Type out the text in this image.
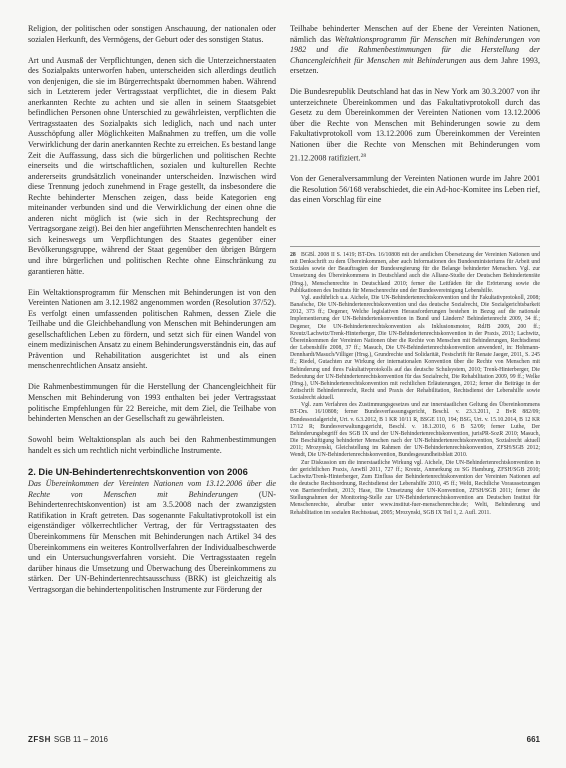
Religion, der politischen oder sonstigen Anschauung, der nationalen oder sozialen Herkunft, des Vermögens, der Geburt oder des sonstigen Status.

Art und Ausmaß der Verpflichtungen, denen sich die Unterzeichnerstaaten des Sozialpakts unterworfen haben, unterscheiden sich allerdings deutlich von denjenigen, die sie im Bürgerrechtspakt übernommen haben. Während sich in Letzterem jeder Vertragsstaat verpflichtet, die in diesem Pakt anerkannten Rechte zu achten und sie allen in seinem Staatsgebiet befindlichen Personen ohne Unterschied zu gewährleisten, verpflichten die Vertragsstaaten des Sozialpakts sich lediglich, nach und nach unter Ausschöpfung aller Möglichkeiten Maßnahmen zu treffen, um die volle Verwirklichung der darin anerkannten Rechte zu erreichen. Es bestand lange Zeit die Auffassung, dass sich die bürgerlichen und politischen Rechte einerseits und die wirtschaftlichen, sozialen und kulturellen Rechte andererseits grundsätzlich voneinander unterscheiden. Inzwischen wird diese Trennung jedoch zunehmend in Frage gestellt, da insbesondere die Rechte behinderter Menschen zeigen, dass beide Kategorien eng miteinander verbunden sind und die Verwirklichung der einen ohne die anderen nicht möglich ist (wie sich in der Rechtsprechung der Vertragsorgane zeigt). Bei den hier angeführten Menschenrechten handelt es sich keineswegs um Verpflichtungen des Staates gegenüber einer Bevölkerungsgruppe, während der Staat gegenüber den übrigen Bürgern und ihre bürgerlichen und politischen Rechte ohne Einschränkung zu garantieren hätte.

Ein Weltaktionsprogramm für Menschen mit Behinderungen ist von den Vereinten Nationen am 3.12.1982 angenommen worden (Resolution 37/52). Es verfolgt einen umfassenden politischen Rahmen, dessen Ziele die Teilhabe und die Gleichbehandlung von Menschen mit Behinderungen am gesellschaftlichen Leben zu fördern, und setzt sich für einen Wandel von einem medizinischen Ansatz zu einem Behinderungsverständnis ein, das auf Prävention und Rehabilitation ausgerichtet ist und als einen menschenrechtlichen Ansatz ansieht.

Die Rahmenbestimmungen für die Herstellung der Chancengleichheit für Menschen mit Behinderung von 1993 enthalten bei jeder Vertragsstaat politische Empfehlungen für 22 Bereiche, mit dem Ziel, die Teilhabe von behinderten Menschen an der Gesellschaft zu gewährleisten.

Sowohl beim Weltaktionsplan als auch bei den Rahmenbestimmungen handelt es sich um rechtlich nicht verbindliche Instrumente.

2. Die UN-Behindertenrechtskonvention von 2006

Das Übereinkommen der Vereinten Nationen vom 13.12.2006 über die Rechte von Menschen mit Behinderungen (UN-Behindertenrechtskonvention) ist am 3.5.2008 nach der zwanzigsten Ratifikation in Kraft getreten. Das sogenannte Fakultativprotokoll ist ein eigenständiger völkerrechtlicher Vertrag, der für Vertragsstaaten des Übereinkommens für Menschen mit Behinderungen nach Artikel 34 des Übereinkommens ein weiteres Kontrollverfahren der Individualbeschwerde und ein Untersuchungsverfahren vorsieht. Die Vertragsstaaten regeln darüber hinaus die Umsetzung und Überwachung des Übereinkommens zu stärken. Der UN-Behindertenrechtsausschuss (BRK) ist gleichzeitig als Vertragsorgan die behindertenpolitischen Instrumente zur Förderung der

Teilhabe behinderter Menschen auf der Ebene der Vereinten Nationen, nämlich das Weltaktionsprogramm für Menschen mit Behinderungen von 1982 und die Rahmenbestimmungen für die Herstellung der Chancengleichheit für Menschen mit Behinderungen aus dem Jahre 1993, ersetzen.

Die Bundesrepublik Deutschland hat das in New York am 30.3.2007 von ihr unterzeichnete Übereinkommen und das Fakultativprotokoll durch das Gesetz zu dem Übereinkommen der Vereinten Nationen vom 13.12.2006 über die Rechte von Menschen mit Behinderungen sowie zu dem Fakultativprotokoll vom 13.12.2006 zum Übereinkommen der Vereinten Nationen über die Rechte von Menschen mit Behinderungen vom 21.12.2008 ratifiziert.$^{28}$

Von der Generalversammlung der Vereinten Nationen wurde im Jahre 2001 die Resolution 56/168 verabschiedet, die ein Ad-hoc-Komitee ins Leben rief, das einen Vorschlag für eine

28 BGBl. 2008 II S. 1419; BT-Drs. 16/10808 mit der amtlichen Übersetzung der Vereinten Nationen und mit Denkschrift zu dem Übereinkommen, aber auch Informationen des Bundesministeriums für Arbeit und Soziales sowie der Beauftragten der Bundesregierung für die Belange behinderter Menschen. Vgl. zur Umsetzung des Übereinkommens in Deutschland auch die Allianz-Studie der Deutschen Behindertenräte (Hrsg.), Menschenrechte in Deutschland 2010; ferner die Leitfäden für die Erörterung sowie die Publikationen des Instituts für Menschenrechte und der Bundesvereinigung Lebenshilfe.

Vgl. ausführlich u.a. Aichele, Die UN-Behindertenrechtskonvention und ihr Fakultativprotokoll, 2008; Banafsche, Die UN-Behindertenrechtskonvention und das deutsche Sozialrecht, Die Sozialgerichtsbarkeit 2012, 373 ff.; Degener, Welche legislativen Herausforderungen bestehen in Bezug auf die nationale Implementierung der UN-Behindertenkonvention in Bund und Ländern? Behindertenrecht 2009, 34 ff.; Degener, Die UN-Behindertenrechtskonvention als Inklusionsmotor, RdJB 2009, 200 ff.; Kreutz/Lachwitz/Trenk-Hinterberger, Die UN-Behindertenrechtskonvention in der Praxis, 2013; Lachwitz, Übereinkommen der Vereinten Nationen über die Rechte von Menschen mit Behinderungen, Rechtsdienst der Lebenshilfe 2008, 37 ff.; Masuch, Die UN-Behindertenrechtskonvention anwenden!, in: Hohmann-Dennhardt/Masuch/Villiger (Hrsg.), Grundrechte und Solidarität, Festschrift für Renate Jaeger, 2011, S. 245 ff.; Riedel, Gutachten zur Wirkung der internationalen Konvention über die Rechte von Menschen mit Behinderung und ihres Fakultativprotokolls auf das deutsche Schulsystem, 2010; Trenk-Hinterberger, Die Bedeutung der UN-Behindertenrechtskonvention für das Sozialrecht, Die Rehabilitation 2009, 99 ff.; Welke (Hrsg.), UN-Behindertenrechtskonvention mit rechtlichen Erläuterungen, 2012; ferner die Beiträge in der Zeitschrift Behindertenrecht, Recht und Praxis der Rehabilitation, Rechtsdienst der Lebenshilfe sowie Sozialrecht aktuell.

Vgl. zum Verfahren des Zustimmungsgesetzes und zur innerstaatlichen Geltung des Übereinkommens BT-Drs. 16/10808; ferner Bundesverfassungsgericht, Beschl. v. 23.3.2011, 2 BvR 882/09; Bundessozialgericht, Urt. v. 6.3.2012, B 1 KR 10/11 R, BSGE 110, 194; BSG, Urt. v. 15.10.2014, B 12 KR 17/12 R; Bundesverwaltungsgericht, Beschl. v. 18.1.2010, 6 B 52/09; ferner Luthe, Der Behinderungsbegriff des SGB IX und der UN-Behindertenrechtskonvention, jurisPR-SozR 2010; Masuch, Die Beschäftigung behinderter Menschen nach der UN-Behindertenrechtskonvention, Sozialrecht aktuell 2011; Mrozynski, Gleichstellung im Rahmen der UN-Behindertenrechtskonvention, ZFSH/SGB 2012; Wendt, Die UN-Behindertenrechtskonvention, Bundesgesundheitsblatt 2010.

Zur Diskussion um die innerstaatliche Wirkung vgl. Aichele, Die UN-Behindertenrechtskonvention in der gerichtlichen Praxis, AnwBl 2011, 727 ff.; Kreutz, Anmerkung zu SG Hamburg, ZFSH/SGB 2010; Lachwitz/Trenk-Hinterberger, Zum Einfluss der Behindertenrechtskonvention der Vereinten Nationen auf die deutsche Rechtsordnung, Rechtsdienst der Lebenshilfe 2010, 45 ff.; Welti, Rechtliche Voraussetzungen von Barrierefreiheit, 2013; Hase, Die Umsetzung der UN-Konvention, ZFSH/SGB 2011; ferner die Stellungnahmen der Monitoring-Stelle zur UN-Behindertenrechtskonvention am Deutschen Institut für Menschenrechte, abrufbar unter www.institut-fuer-menschenrechte.de; Welti, Behinderung und Rehabilitation im sozialen Rechtsstaat, 2005; Mrozynski, SGB IX Teil 1, 2. Aufl. 2011.

ZFSH SGB 11 – 2016	661
